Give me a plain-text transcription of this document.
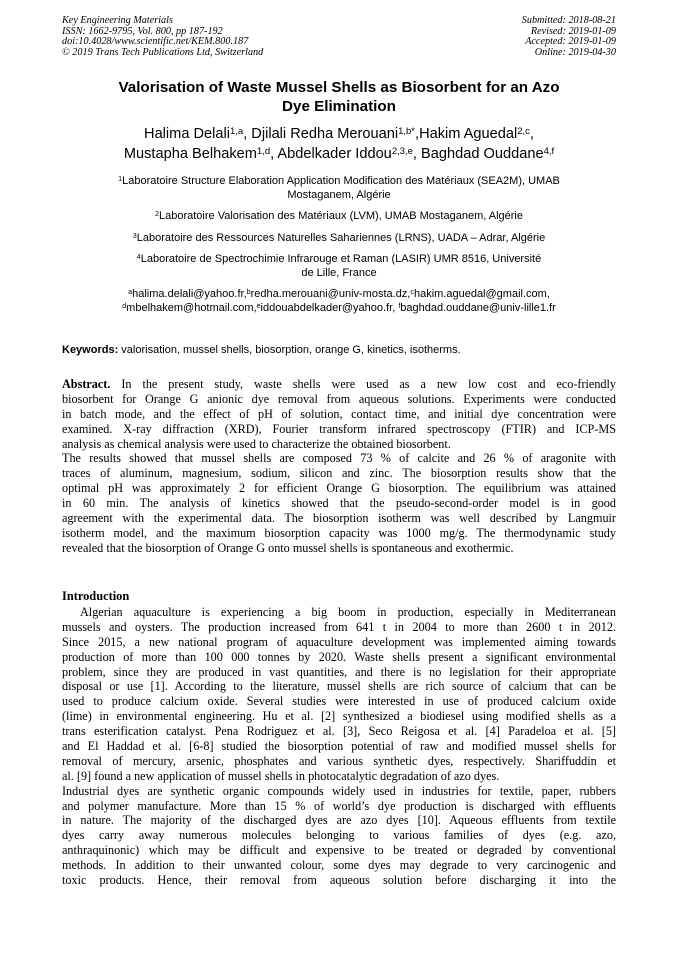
Key Engineering Materials
ISSN: 1662-9795, Vol. 800, pp 187-192
doi:10.4028/www.scientific.net/KEM.800.187
© 2019 Trans Tech Publications Ltd, Switzerland
Submitted: 2018-08-21
Revised: 2019-01-09
Accepted: 2019-01-09
Online: 2019-04-30
Valorisation of Waste Mussel Shells as Biosorbent for an Azo
Dye Elimination
Halima Delali$^{1,a}$, Djilali Redha Merouani$^{1,b*}$,Hakim Aguedal$^{2,c}$,
Mustapha Belhakem$^{1,d}$, Abdelkader Iddou$^{2,3,e}$, Baghdad Ouddane$^{4,f}$
$^1$Laboratoire Structure Elaboration Application Modification des Matériaux (SEA2M), UMAB
Mostaganem, Algérie
$^2$Laboratoire Valorisation des Matériaux (LVM), UMAB Mostaganem, Algérie
$^3$Laboratoire des Ressources Naturelles Sahariennes (LRNS), UADA – Adrar, Algérie
$^4$Laboratoire de Spectrochimie Infrarouge et Raman (LASIR) UMR 8516, Université
de Lille, France
$^a$halima.delali@yahoo.fr,$^b$redha.merouani@univ-mosta.dz,$^c$hakim.aguedal@gmail.com,
$^d$mbelhakem@hotmail.com,$^e$iddouabdelkader@yahoo.fr, $^f$baghdad.ouddane@univ-lille1.fr
Keywords: valorisation, mussel shells, biosorption, orange G, kinetics, isotherms.
Abstract. In the present study, waste shells were used as a new low cost and eco-friendly
biosorbent for Orange G anionic dye removal from aqueous solutions. Experiments were conducted
in batch mode, and the effect of pH of solution, contact time, and initial dye concentration were
examined. X-ray diffraction (XRD), Fourier transform infrared spectroscopy (FTIR) and ICP-MS
analysis as chemical analysis were used to characterize the obtained biosorbent.
The results showed that mussel shells are composed 73 % of calcite and 26 % of aragonite with
traces of aluminum, magnesium, sodium, silicon and zinc. The biosorption results show that the
optimal pH was approximately 2 for efficient Orange G biosorption. The equilibrium was attained
in 60 min. The analysis of kinetics showed that the pseudo-second-order model is in good
agreement with the experimental data. The biosorption isotherm was well described by Langmuir
isotherm model, and the maximum biosorption capacity was 1000 mg/g. The thermodynamic study
revealed that the biosorption of Orange G onto mussel shells is spontaneous and exothermic.
Introduction
Algerian aquaculture is experiencing a big boom in production, especially in Mediterranean
mussels and oysters. The production increased from 641 t in 2004 to more than 2600 t in 2012.
Since 2015, a new national program of aquaculture development was implemented aiming towards
production of more than 100 000 tonnes by 2020. Waste shells present a significant environmental
problem, since they are produced in vast quantities, and there is no legislation for their appropriate
disposal or use [1]. According to the literature, mussel shells are rich source of calcium that can be
used to produce calcium oxide. Several studies were interested in use of produced calcium oxide
(lime) in environmental engineering. Hu et al. [2] synthesized a biodiesel using modified shells as a
trans esterification catalyst. Pena Rodriguez et al. [3], Seco Reigosa et al. [4] Paradeloa et al. [5]
and El Haddad et al. [6-8] studied the biosorption potential of raw and modified mussel shells for
removal of mercury, arsenic, phosphates and various synthetic dyes, respectively. Shariffuddin et
al. [9] found a new application of mussel shells in photocatalytic degradation of azo dyes.
Industrial dyes are synthetic organic compounds widely used in industries for textile, paper, rubbers
and polymer manufacture. More than 15 % of world’s dye production is discharged with effluents
in nature. The majority of the discharged dyes are azo dyes [10]. Aqueous effluents from textile
dyes carry away numerous molecules belonging to various families of dyes (e.g. azo,
anthraquinonic) which may be difficult and expensive to be treated or degraded by conventional
methods. In addition to their unwanted colour, some dyes may degrade to very carcinogenic and
toxic products. Hence, their removal from aqueous solution before discharging it into the
